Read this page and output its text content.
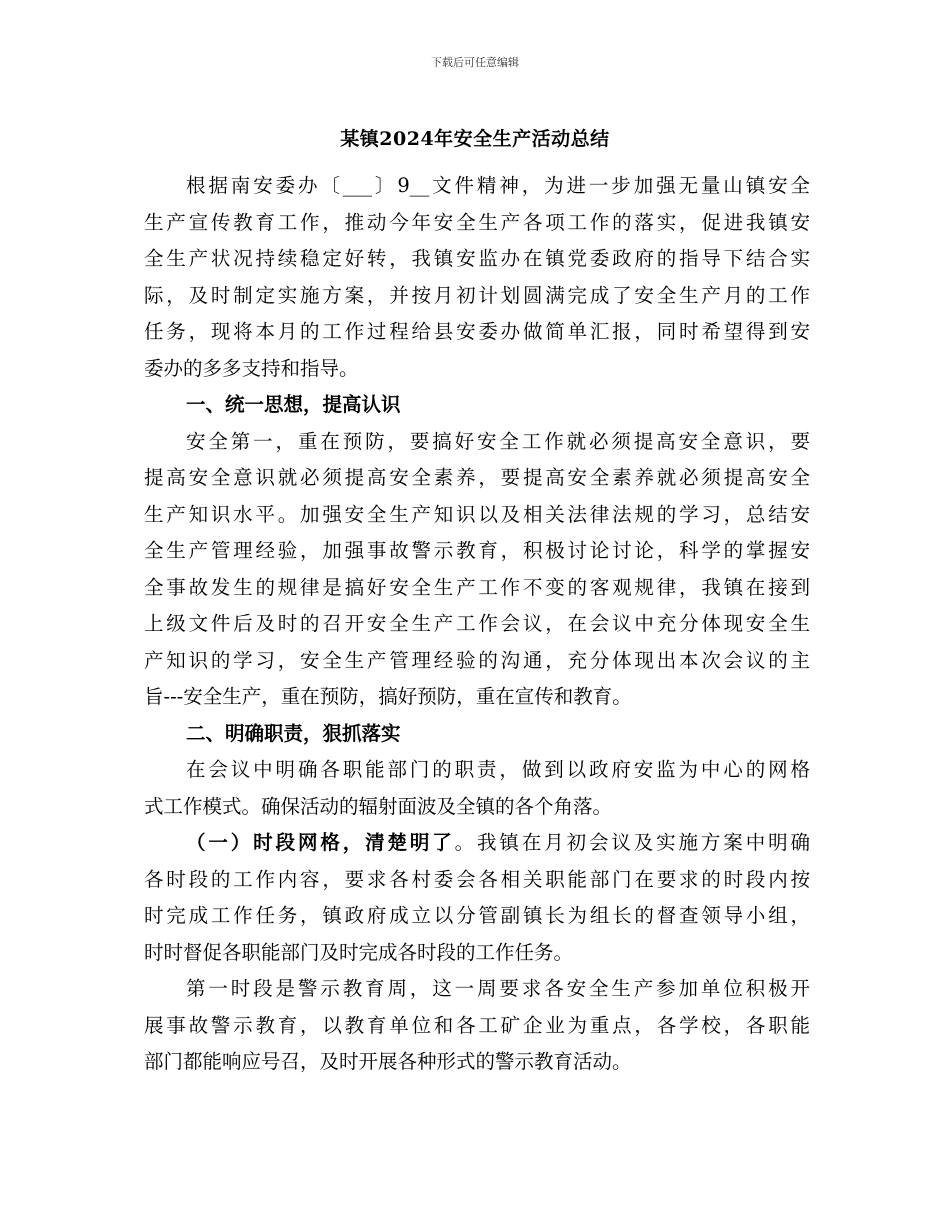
下载后可任意编辑
某镇2024年安全生产活动总结
根据南安委办〔___〕9__文件精神，为进一步加强无量山镇安全
生产宣传教育工作，推动今年安全生产各项工作的落实，促进我镇安
全生产状况持续稳定好转，我镇安监办在镇党委政府的指导下结合实
际，及时制定实施方案，并按月初计划圆满完成了安全生产月的工作
任务，现将本月的工作过程给县安委办做简单汇报，同时希望得到安
委办的多多支持和指导。
一、统一思想，提高认识
安全第一，重在预防，要搞好安全工作就必须提高安全意识，要
提高安全意识就必须提高安全素养，要提高安全素养就必须提高安全
生产知识水平。加强安全生产知识以及相关法律法规的学习，总结安
全生产管理经验，加强事故警示教育，积极讨论讨论，科学的掌握安
全事故发生的规律是搞好安全生产工作不变的客观规律，我镇在接到
上级文件后及时的召开安全生产工作会议，在会议中充分体现安全生
产知识的学习，安全生产管理经验的沟通，充分体现出本次会议的主
旨---安全生产，重在预防，搞好预防，重在宣传和教育。
二、明确职责，狠抓落实
在会议中明确各职能部门的职责，做到以政府安监为中心的网格
式工作模式。确保活动的辐射面波及全镇的各个角落。
（一）时段网格，清楚明了。我镇在月初会议及实施方案中明确
各时段的工作内容，要求各村委会各相关职能部门在要求的时段内按
时完成工作任务，镇政府成立以分管副镇长为组长的督查领导小组，
时时督促各职能部门及时完成各时段的工作任务。
第一时段是警示教育周，这一周要求各安全生产参加单位积极开
展事故警示教育，以教育单位和各工矿企业为重点，各学校，各职能
部门都能响应号召，及时开展各种形式的警示教育活动。
